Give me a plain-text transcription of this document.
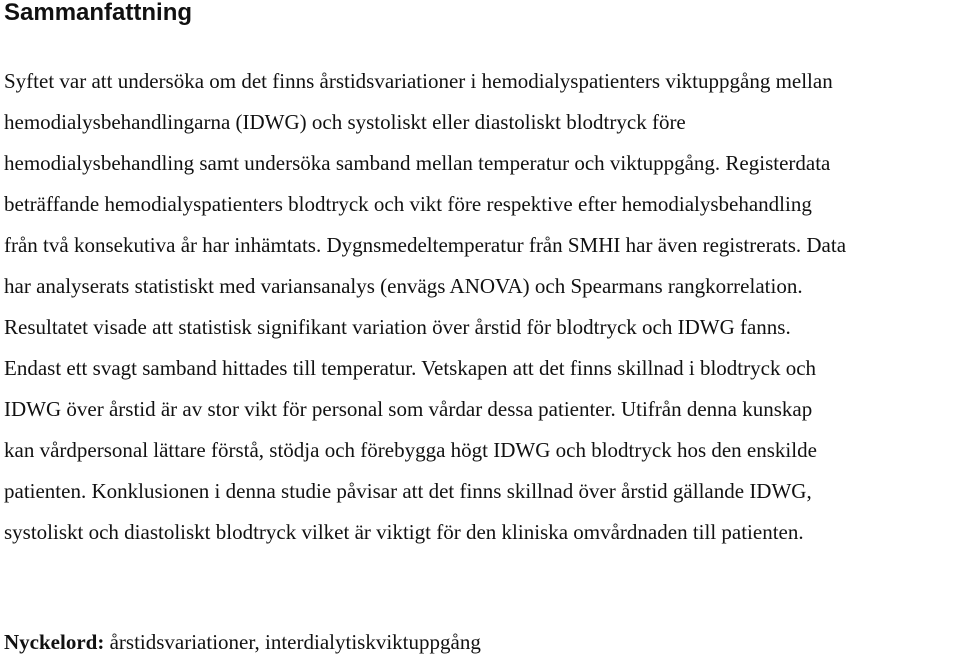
Sammanfattning
Syftet var att undersöka om det finns årstidsvariationer i hemodialyspatienters viktuppgång mellan
hemodialysbehandlingarna (IDWG) och systoliskt eller diastoliskt blodtryck före
hemodialysbehandling samt undersöka samband mellan temperatur och viktuppgång. Registerdata
beträffande hemodialyspatienters blodtryck och vikt före respektive efter hemodialysbehandling
från två konsekutiva år har inhämtats. Dygnsmedeltemperatur från SMHI har även registrerats. Data
har analyserats statistiskt med variansanalys (envägs ANOVA) och Spearmans rangkorrelation.
Resultatet visade att statistisk signifikant variation över årstid för blodtryck och IDWG fanns.
Endast ett svagt samband hittades till temperatur. Vetskapen att det finns skillnad i blodtryck och
IDWG över årstid är av stor vikt för personal som vårdar dessa patienter. Utifrån denna kunskap
kan vårdpersonal lättare förstå, stödja och förebygga högt IDWG och blodtryck hos den enskilde
patienten. Konklusionen i denna studie påvisar att det finns skillnad över årstid gällande IDWG,
systoliskt och diastoliskt blodtryck vilket är viktigt för den kliniska omvårdnaden till patienten.
Nyckelord: årstidsvariationer, interdialytiskviktuppgång
